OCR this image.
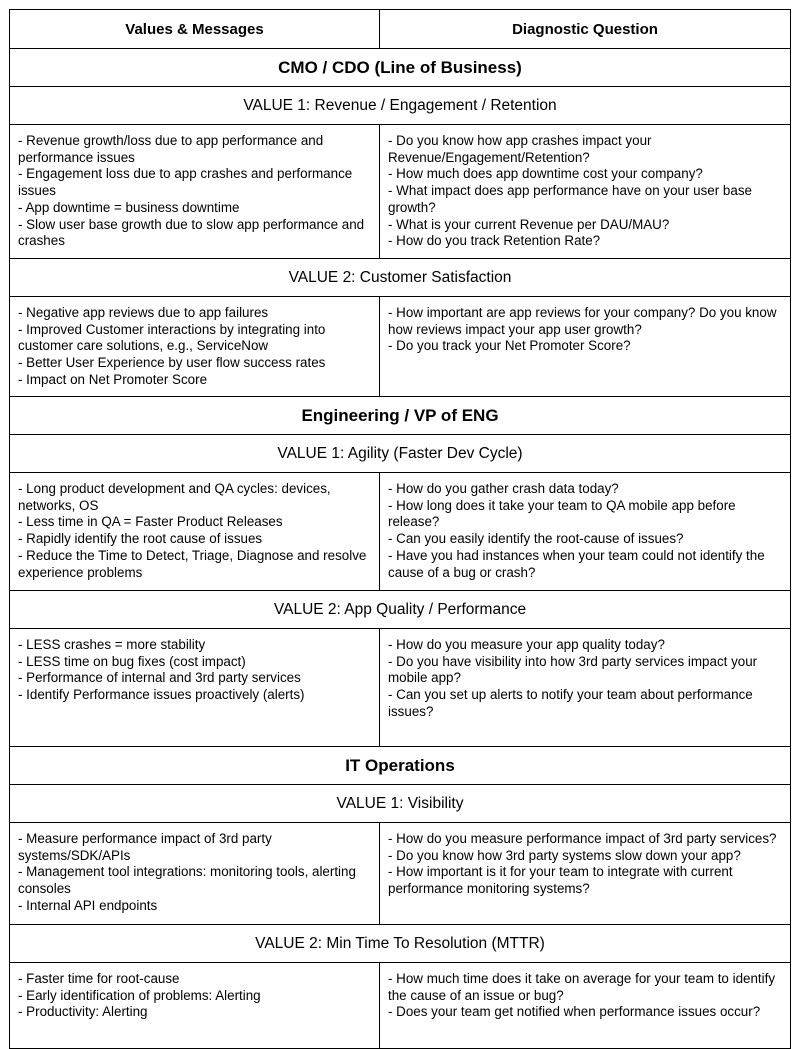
Values & Messages	Diagnostic Question
CMO / CDO (Line of Business)
VALUE 1: Revenue / Engagement / Retention
- Revenue growth/loss due to app performance and performance issues
- Engagement loss due to app crashes and performance issues
- App downtime = business downtime
- Slow user base growth due to slow app performance and crashes
- Do you know how app crashes impact your Revenue/Engagement/Retention?
- How much does app downtime cost your company?
- What impact does app performance have on your user base growth?
- What is your current Revenue per DAU/MAU?
- How do you track Retention Rate?
VALUE 2: Customer Satisfaction
- Negative app reviews due to app failures
- Improved Customer interactions by integrating into customer care solutions, e.g., ServiceNow
- Better User Experience by user flow success rates
- Impact on Net Promoter Score
- How important are app reviews for your company? Do you know how reviews impact your app user growth?
- Do you track your Net Promoter Score?
Engineering / VP of ENG
VALUE 1: Agility (Faster Dev Cycle)
- Long product development and QA cycles: devices, networks, OS
- Less time in QA = Faster Product Releases
- Rapidly identify the root cause of issues
- Reduce the Time to Detect, Triage, Diagnose and resolve experience problems
- How do you gather crash data today?
- How long does it take your team to QA mobile app before release?
- Can you easily identify the root-cause of issues?
- Have you had instances when your team could not identify the cause of a bug or crash?
VALUE 2: App Quality / Performance
- LESS crashes = more stability
- LESS time on bug fixes (cost impact)
- Performance of internal and 3rd party services
- Identify Performance issues proactively (alerts)
- How do you measure your app quality today?
- Do you have visibility into how 3rd party services impact your mobile app?
- Can you set up alerts to notify your team about performance issues?
IT Operations
VALUE 1: Visibility
- Measure performance impact of 3rd party systems/SDK/APIs
- Management tool integrations: monitoring tools, alerting consoles
- Internal API endpoints
- How do you measure performance impact of 3rd party services?
- Do you know how 3rd party systems slow down your app?
- How important is it for your team to integrate with current performance monitoring systems?
VALUE 2: Min Time To Resolution (MTTR)
- Faster time for root-cause
- Early identification of problems: Alerting
- Productivity: Alerting
- How much time does it take on average for your team to identify the cause of an issue or bug?
- Does your team get notified when performance issues occur?
